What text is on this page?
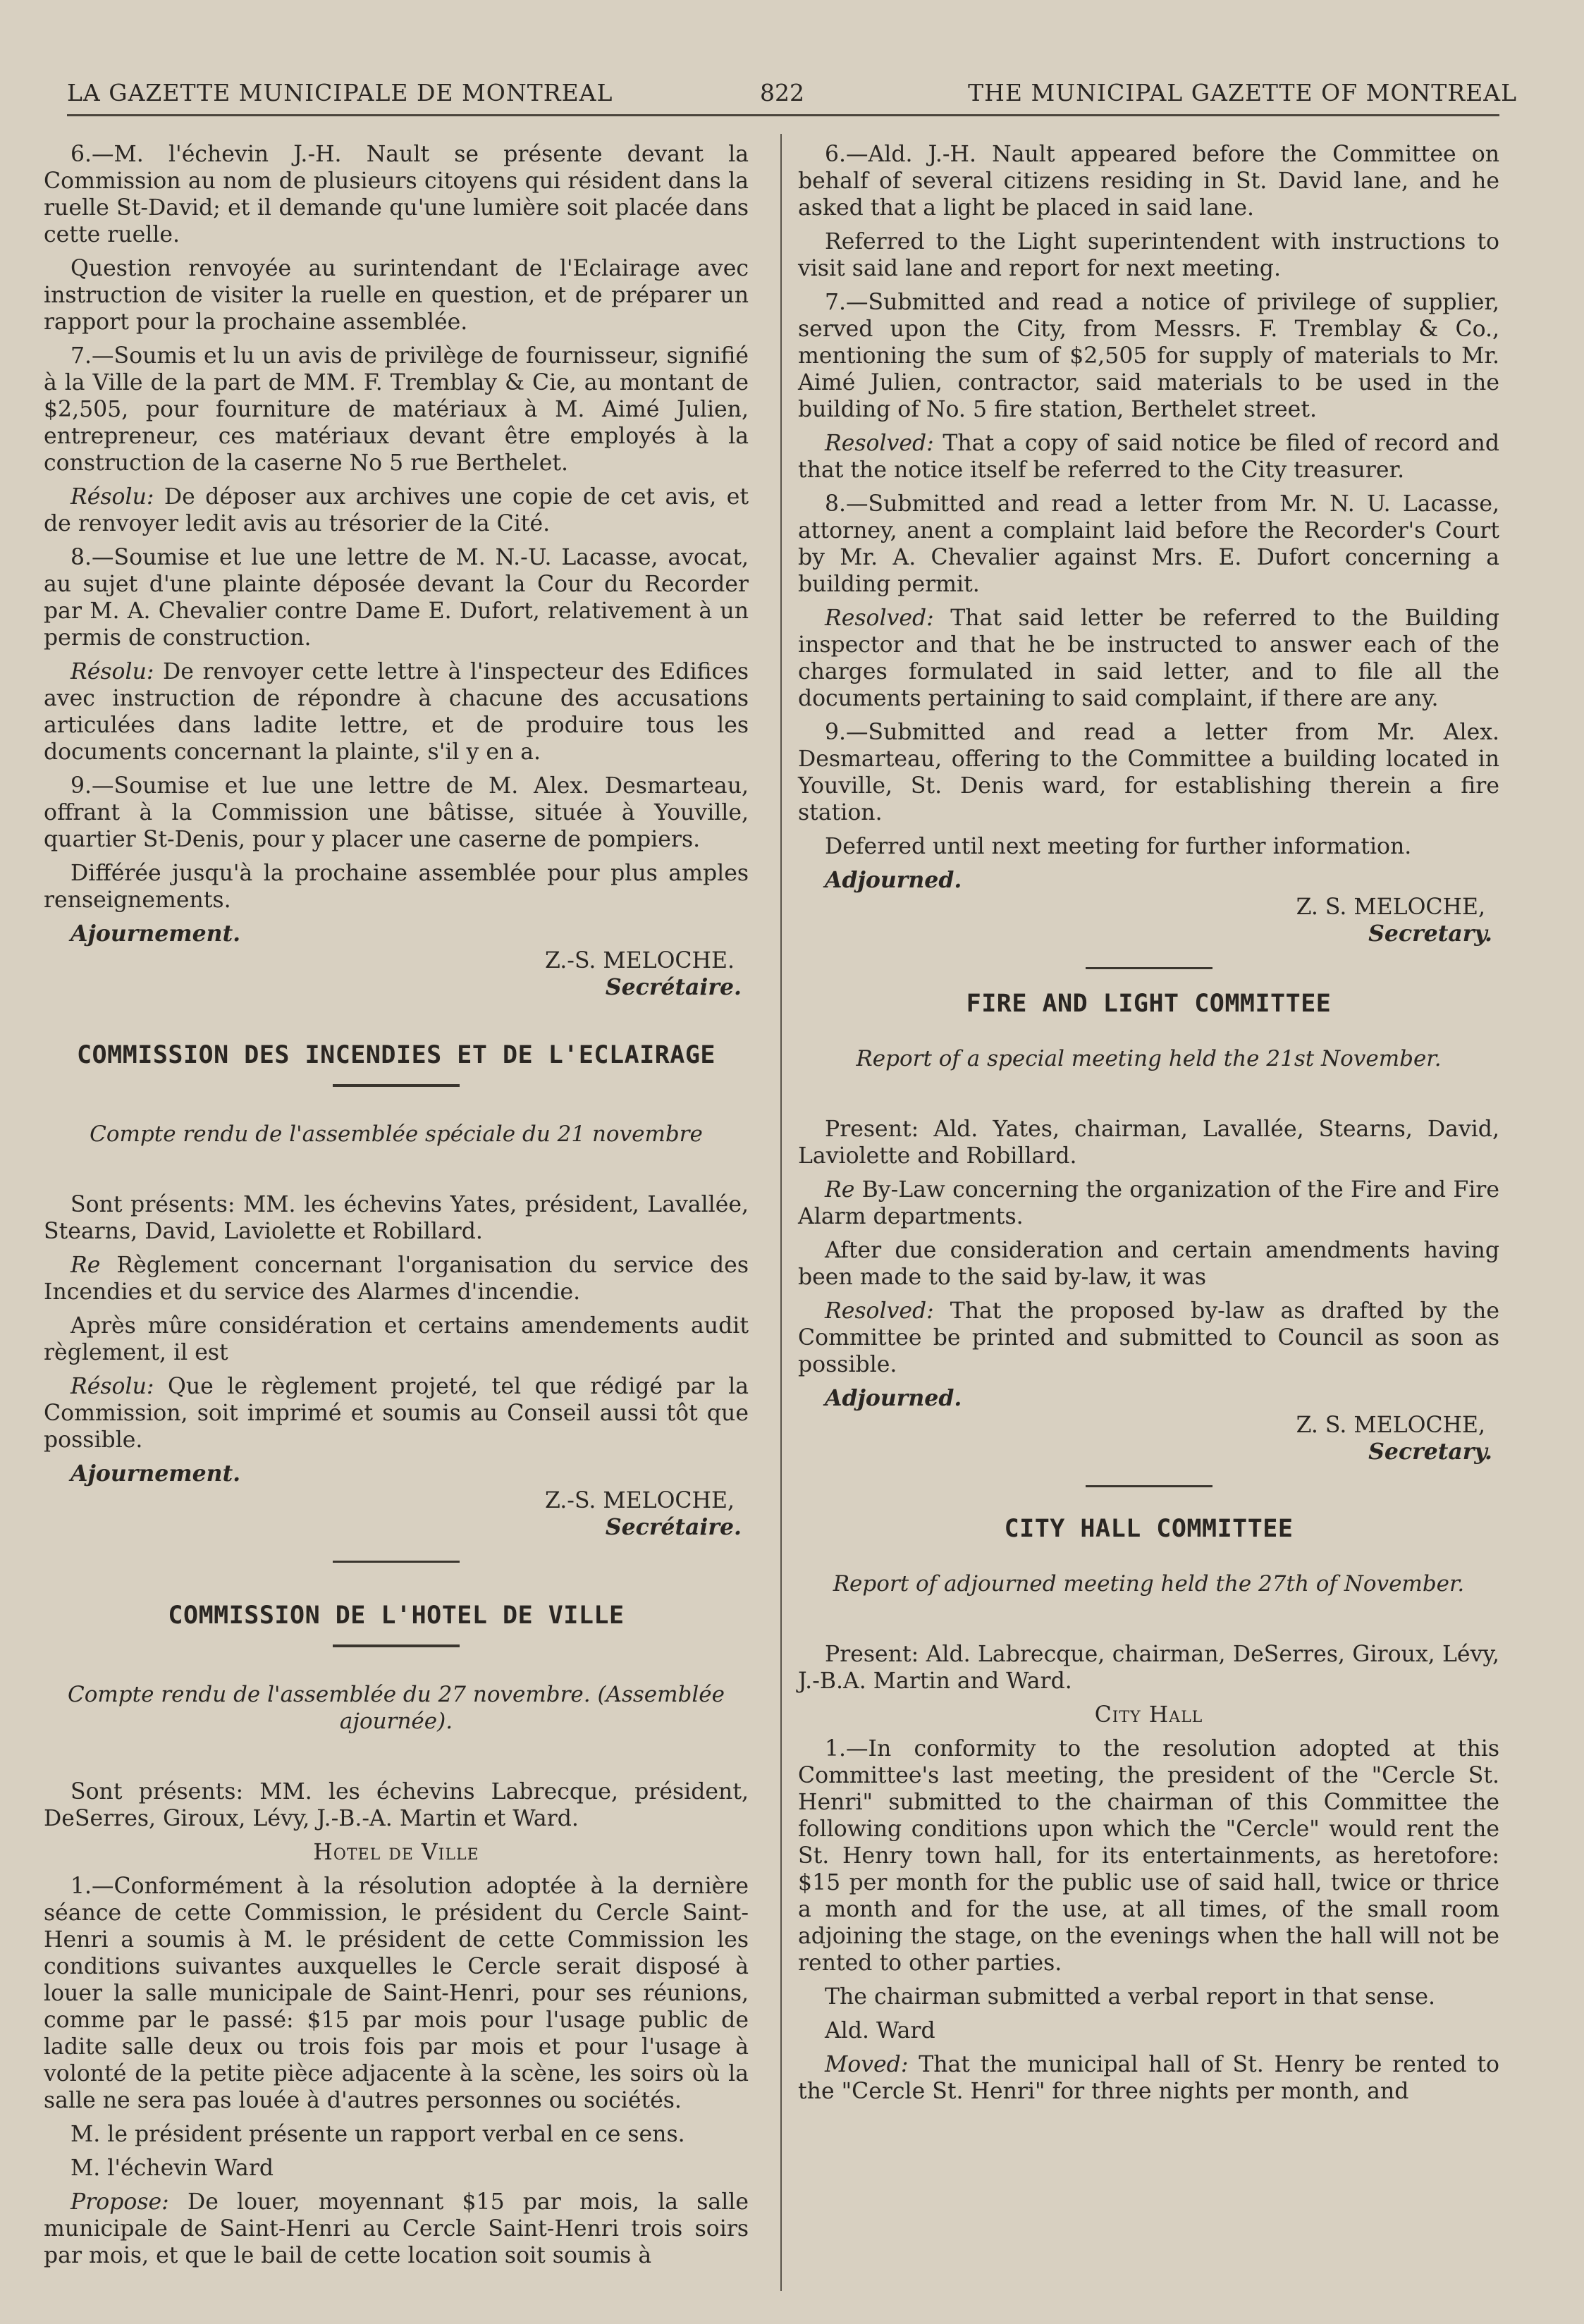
LA GAZETTE MUNICIPALE DE MONTREAL	822	THE MUNICIPAL GAZETTE OF MONTREAL

6.—M. l'échevin J.-H. Nault se présente devant la Commission au nom de plusieurs citoyens qui résident dans la ruelle St-David; et il demande qu'une lumière soit placée dans cette ruelle.

Question renvoyée au surintendant de l'Eclairage avec instruction de visiter la ruelle en question, et de préparer un rapport pour la prochaine assemblée.

7.—Soumis et lu un avis de privilège de fournisseur, signifié à la Ville de la part de MM. F. Tremblay & Cie, au montant de $2,505, pour fourniture de matériaux à M. Aimé Julien, entrepreneur, ces matériaux devant être employés à la construction de la caserne No 5 rue Berthelet.

Résolu: De déposer aux archives une copie de cet avis, et de renvoyer ledit avis au trésorier de la Cité.

8.—Soumise et lue une lettre de M. N.-U. Lacasse, avocat, au sujet d'une plainte déposée devant la Cour du Recorder par M. A. Chevalier contre Dame E. Dufort, relativement à un permis de construction.

Résolu: De renvoyer cette lettre à l'inspecteur des Edifices avec instruction de répondre à chacune des accusations articulées dans ladite lettre, et de produire tous les documents concernant la plainte, s'il y en a.

9.—Soumise et lue une lettre de M. Alex. Desmarteau, offrant à la Commission une bâtisse, située à Youville, quartier St-Denis, pour y placer une caserne de pompiers.

Différée jusqu'à la prochaine assemblée pour plus amples renseignements.

Ajournement.
Z.-S. MELOCHE.
Secrétaire.
COMMISSION DES INCENDIES ET DE L'ECLAIRAGE
Compte rendu de l'assemblée spéciale du 21 novembre

Sont présents: MM. les échevins Yates, président, Lavallée, Stearns, David, Laviolette et Robillard.

Re Règlement concernant l'organisation du service des Incendies et du service des Alarmes d'incendie.

Après mûre considération et certains amendements audit règlement, il est

Résolu: Que le règlement projeté, tel que rédigé par la Commission, soit imprimé et soumis au Conseil aussi tôt que possible.

Ajournement.
Z.-S. MELOCHE,
Secrétaire.
COMMISSION DE L'HOTEL DE VILLE
Compte rendu de l'assemblée du 27 novembre. (Assemblée ajournée).

Sont présents: MM. les échevins Labrecque, président, DeSerres, Giroux, Lévy, J.-B.-A. Martin et Ward.

Hotel de Ville

1.—Conformément à la résolution adoptée à la dernière séance de cette Commission, le président du Cercle Saint-Henri a soumis à M. le président de cette Commission les conditions suivantes auxquelles le Cercle serait disposé à louer la salle municipale de Saint-Henri, pour ses réunions, comme par le passé: $15 par mois pour l'usage public de ladite salle deux ou trois fois par mois et pour l'usage à volonté de la petite pièce adjacente à la scène, les soirs où la salle ne sera pas louée à d'autres personnes ou sociétés.

M. le président présente un rapport verbal en ce sens.

M. l'échevin Ward

Propose: De louer, moyennant $15 par mois, la salle municipale de Saint-Henri au Cercle Saint-Henri trois soirs par mois, et que le bail de cette location soit soumis à

6.—Ald. J.-H. Nault appeared before the Committee on behalf of several citizens residing in St. David lane, and he asked that a light be placed in said lane.

Referred to the Light superintendent with instructions to visit said lane and report for next meeting.

7.—Submitted and read a notice of privilege of supplier, served upon the City, from Messrs. F. Tremblay & Co., mentioning the sum of $2,505 for supply of materials to Mr. Aimé Julien, contractor, said materials to be used in the building of No. 5 fire station, Berthelet street.

Resolved: That a copy of said notice be filed of record and that the notice itself be referred to the City treasurer.

8.—Submitted and read a letter from Mr. N. U. Lacasse, attorney, anent a complaint laid before the Recorder's Court by Mr. A. Chevalier against Mrs. E. Dufort concerning a building permit.

Resolved: That said letter be referred to the Building inspector and that he be instructed to answer each of the charges formulated in said letter, and to file all the documents pertaining to said complaint, if there are any.

9.—Submitted and read a letter from Mr. Alex. Desmarteau, offering to the Committee a building located in Youville, St. Denis ward, for establishing therein a fire station.

Deferred until next meeting for further information.

Adjourned.
Z. S. MELOCHE,
Secretary.
FIRE AND LIGHT COMMITTEE
Report of a special meeting held the 21st November.

Present: Ald. Yates, chairman, Lavallée, Stearns, David, Laviolette and Robillard.

Re By-Law concerning the organization of the Fire and Fire Alarm departments.

After due consideration and certain amendments having been made to the said by-law, it was

Resolved: That the proposed by-law as drafted by the Committee be printed and submitted to Council as soon as possible.

Adjourned.
Z. S. MELOCHE,
Secretary.
CITY HALL COMMITTEE
Report of adjourned meeting held the 27th of November.

Present: Ald. Labrecque, chairman, DeSerres, Giroux, Lévy, J.-B.A. Martin and Ward.

City Hall

1.—In conformity to the resolution adopted at this Committee's last meeting, the president of the "Cercle St. Henri" submitted to the chairman of this Committee the following conditions upon which the "Cercle" would rent the St. Henry town hall, for its entertainments, as heretofore: $15 per month for the public use of said hall, twice or thrice a month and for the use, at all times, of the small room adjoining the stage, on the evenings when the hall will not be rented to other parties.

The chairman submitted a verbal report in that sense.

Ald. Ward

Moved: That the municipal hall of St. Henry be rented to the "Cercle St. Henri" for three nights per month, and
